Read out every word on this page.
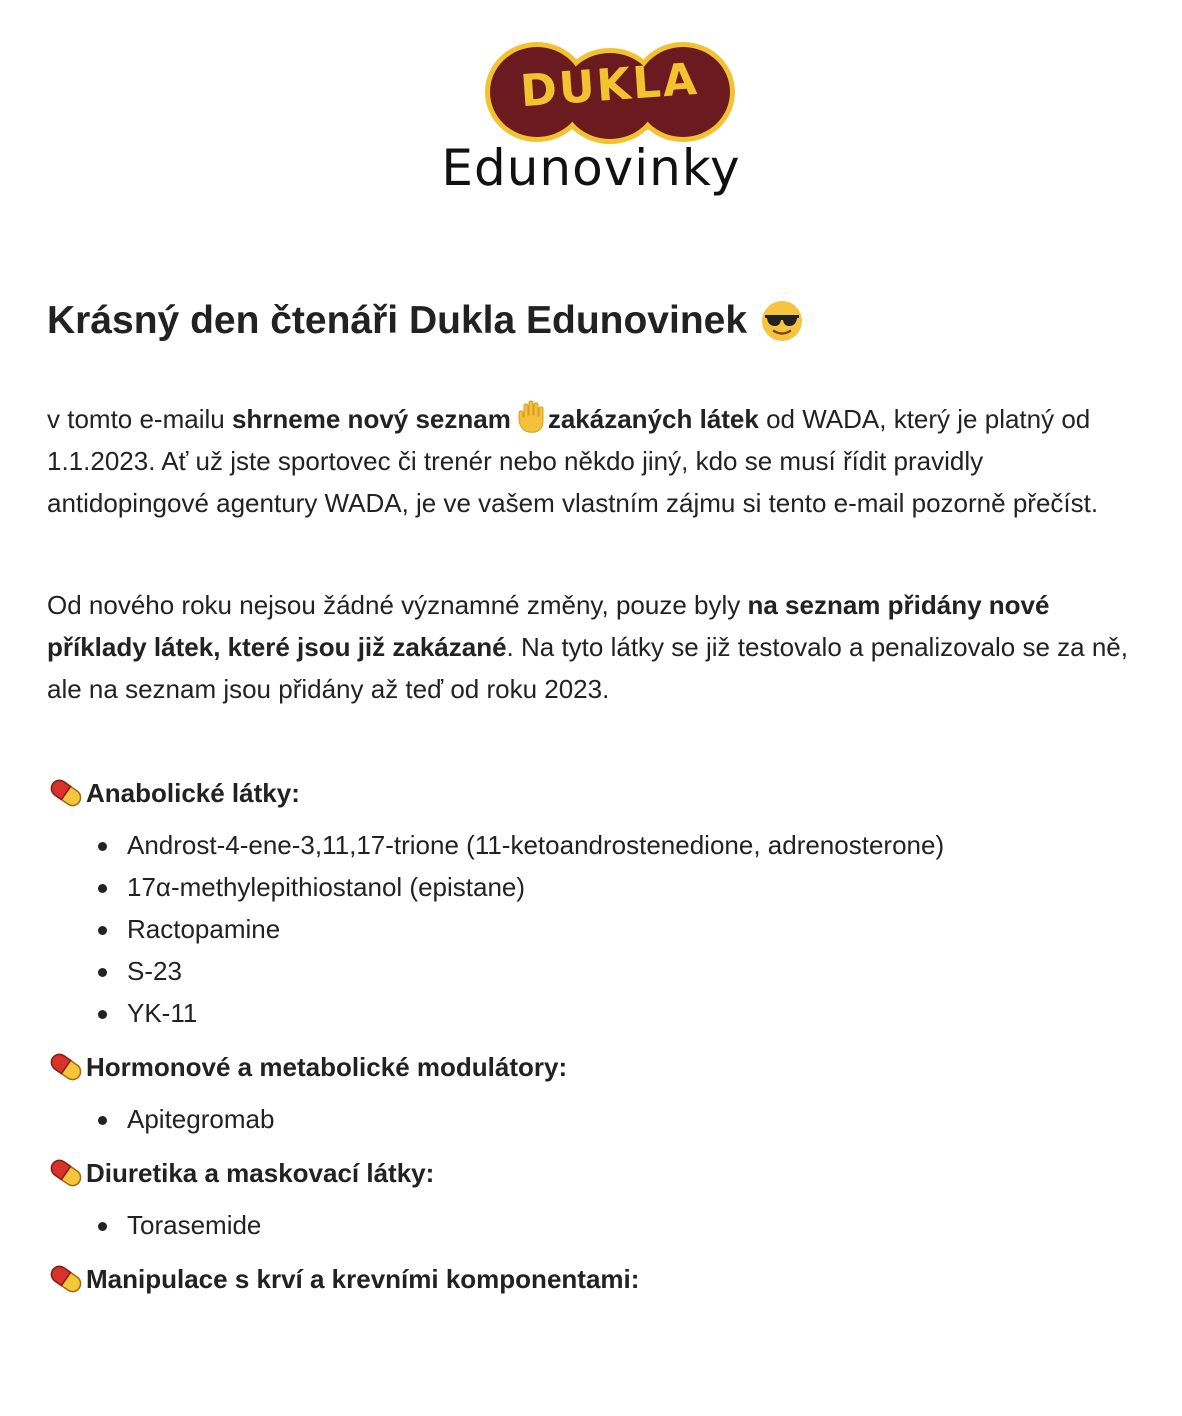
DUKLA
Edunovinky
Krásný den čtenáři Dukla Edunovinek

v tomto e-mailu shrneme nový seznam zakázaných látek od WADA, který je platný od 1.1.2023. Ať už jste sportovec či trenér nebo někdo jiný, kdo se musí řídit pravidly antidopingové agentury WADA, je ve vašem vlastním zájmu si tento e-mail pozorně přečíst.

Od nového roku nejsou žádné významné změny, pouze byly na seznam přidány nové příklady látek, které jsou již zakázané. Na tyto látky se již testovalo a penalizovalo se za ně, ale na seznam jsou přidány až teď od roku 2023.

Anabolické látky:
Androst-4-ene-3,11,17-trione (11-ketoandrostenedione, adrenosterone)
17α-methylepithiostanol (epistane)
Ractopamine
S-23
YK-11
Hormonové a metabolické modulátory:
Apitegromab
Diuretika a maskovací látky:
Torasemide
Manipulace s krví a krevními komponentami:
